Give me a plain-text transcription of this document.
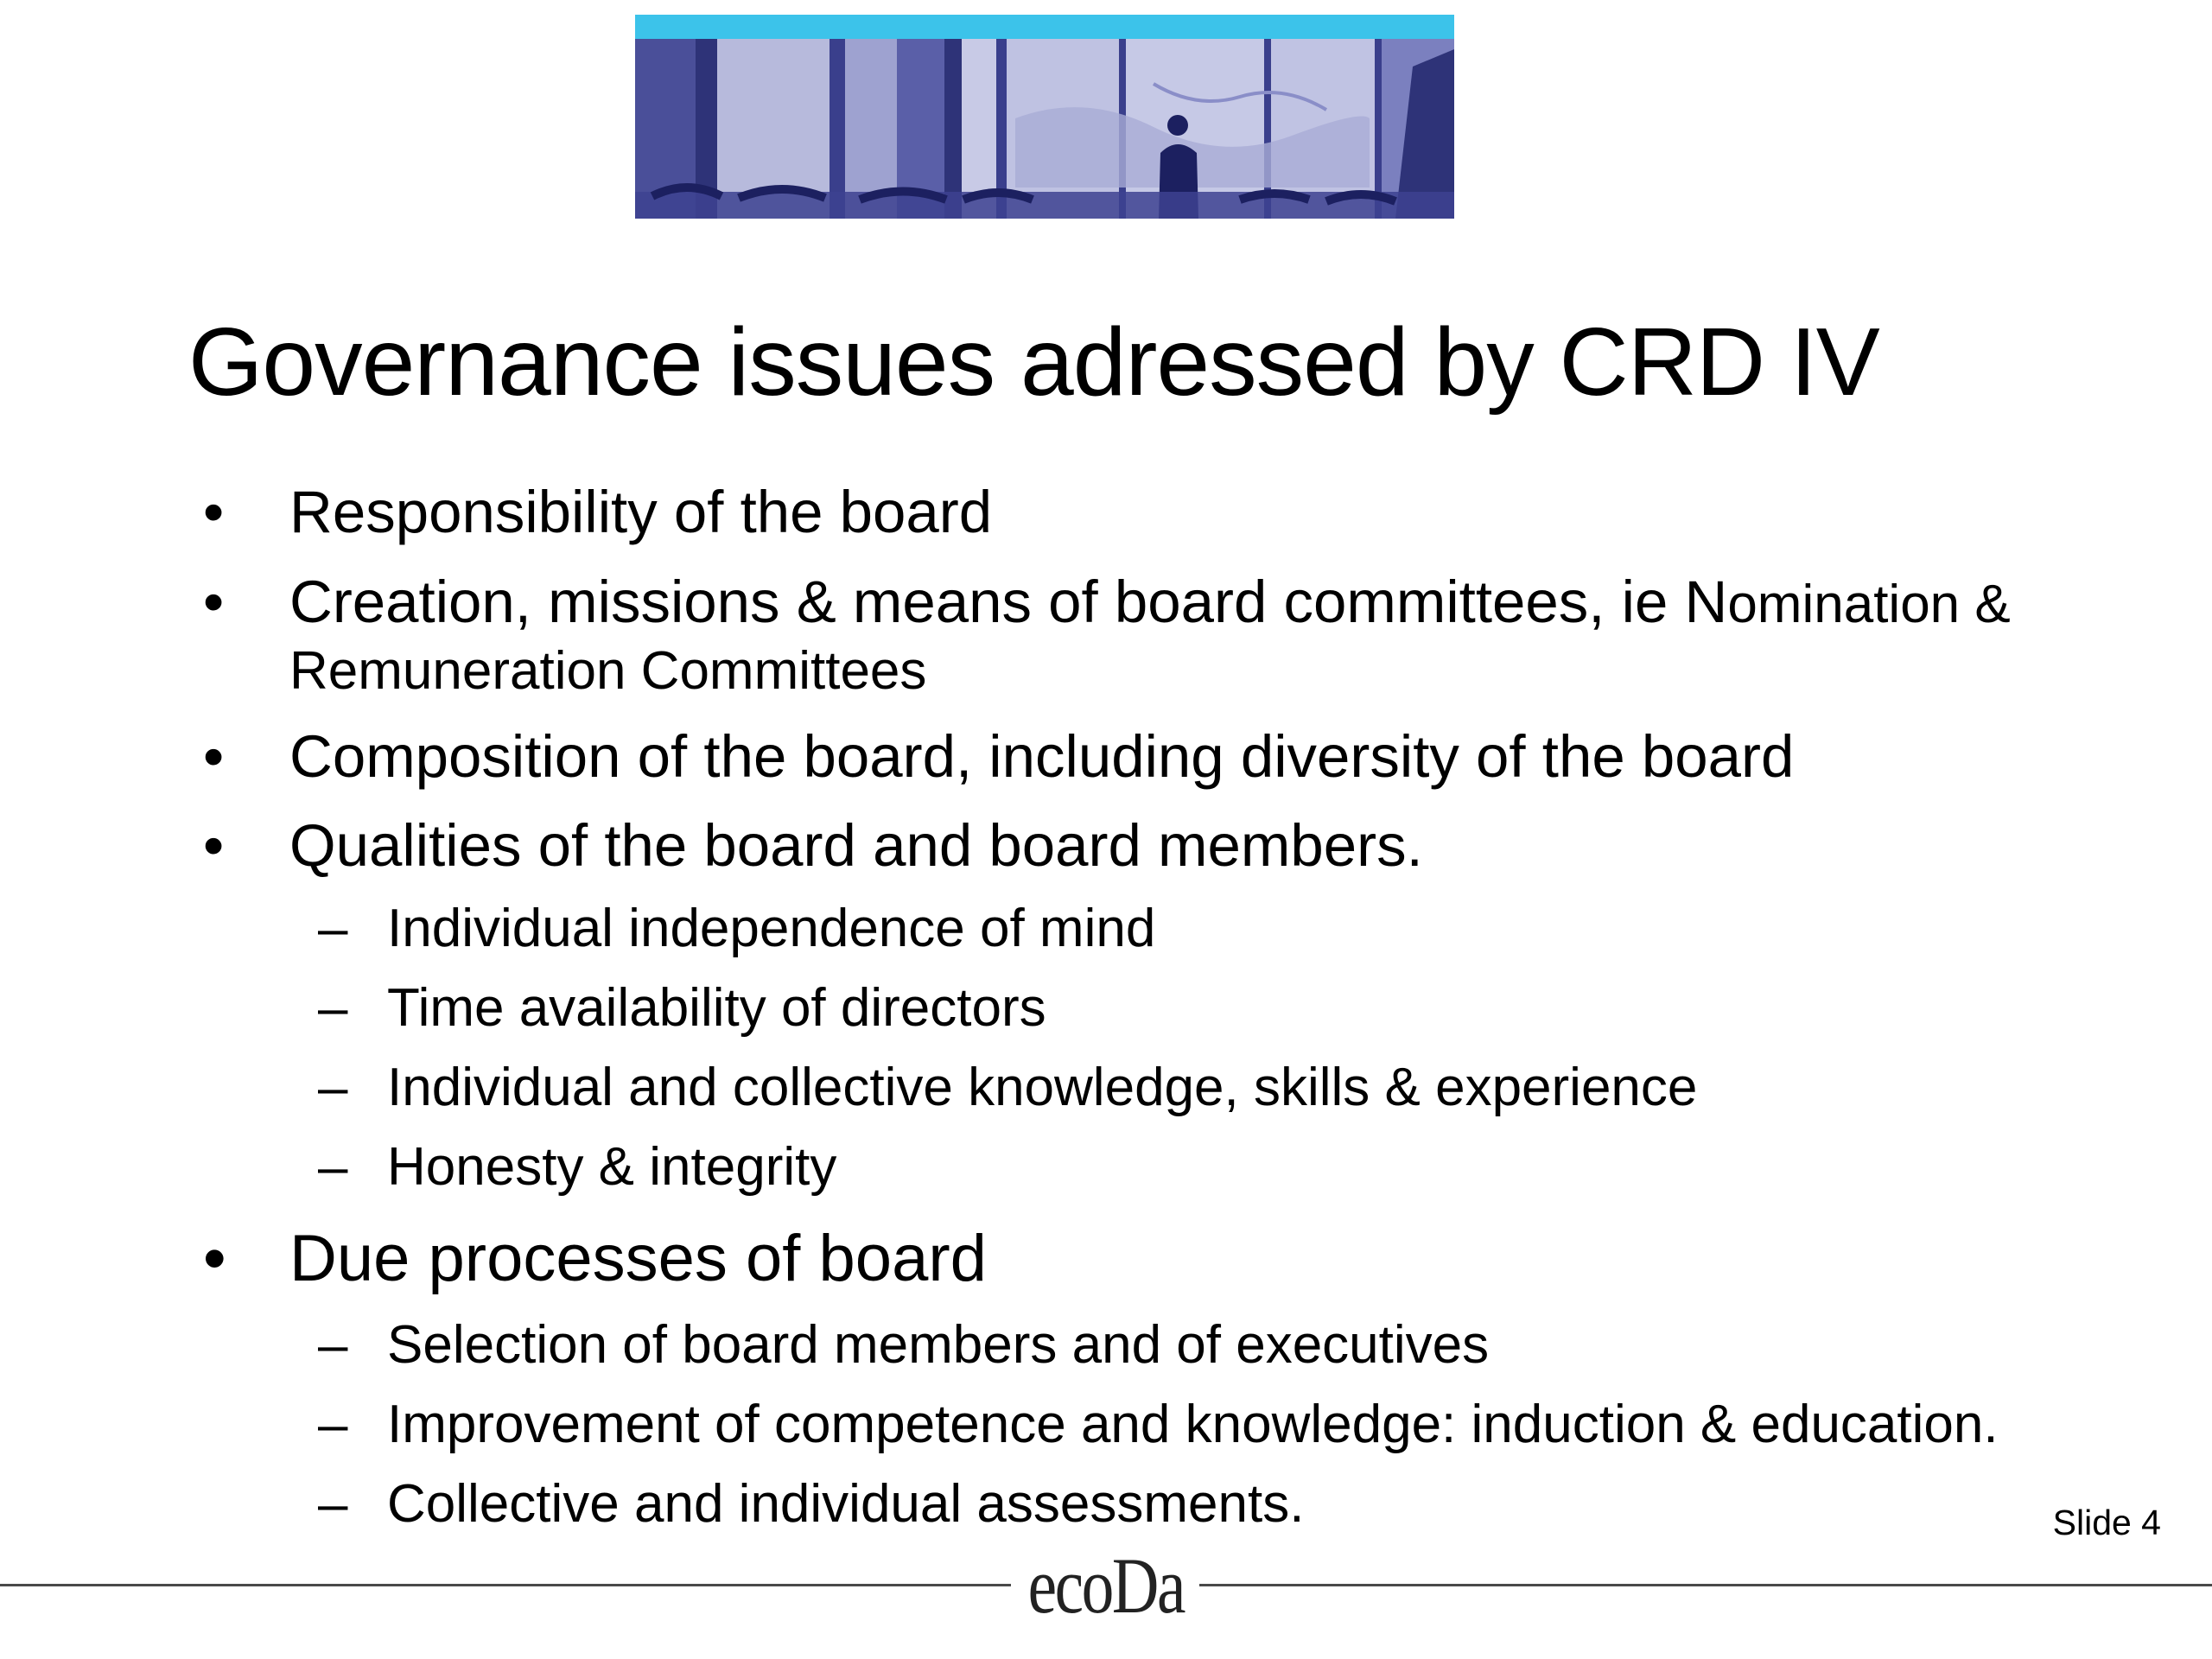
Governance issues adressed by CRD IV
• Responsibility of the board
• Creation, missions & means of board committees, ie Nomination &
Remuneration Committees
• Composition of the board, including diversity of the board
• Qualities of the board and board members.
– Individual independence of mind
– Time availability of directors
– Individual and collective knowledge, skills & experience
– Honesty & integrity
• Due processes of board
– Selection of board members and of executives
– Improvement of competence and knowledge: induction & education.
– Collective and individual assessments.	Slide 4
ecoDa
